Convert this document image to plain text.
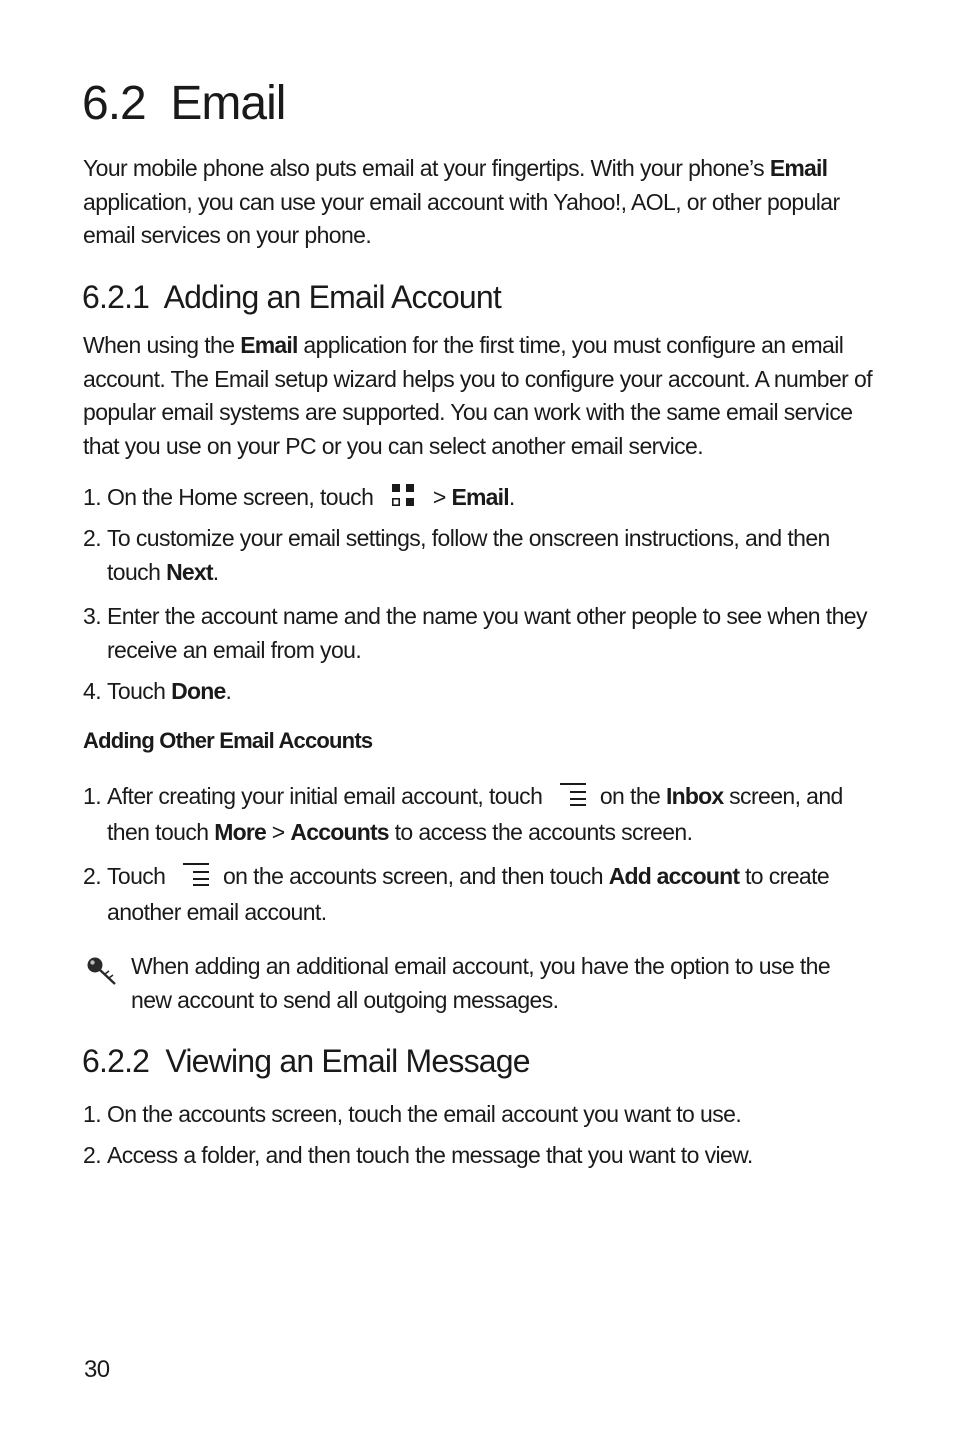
6.2 Email
Your mobile phone also puts email at your fingertips. With your phone’s Email application, you can use your email account with Yahoo!, AOL, or other popular email services on your phone.
6.2.1 Adding an Email Account
When using the Email application for the first time, you must configure an email account. The Email setup wizard helps you to configure your account. A number of popular email systems are supported. You can work with the same email service that you use on your PC or you can select another email service.
1. On the Home screen, touch  > Email.
2. To customize your email settings, follow the onscreen instructions, and then touch Next.
3. Enter the account name and the name you want other people to see when they receive an email from you.
4. Touch Done.
Adding Other Email Accounts
1. After creating your initial email account, touch  on the Inbox screen, and then touch More > Accounts to access the accounts screen.
2. Touch  on the accounts screen, and then touch Add account to create another email account.
When adding an additional email account, you have the option to use the new account to send all outgoing messages.
6.2.2 Viewing an Email Message
1. On the accounts screen, touch the email account you want to use.
2. Access a folder, and then touch the message that you want to view.
30
